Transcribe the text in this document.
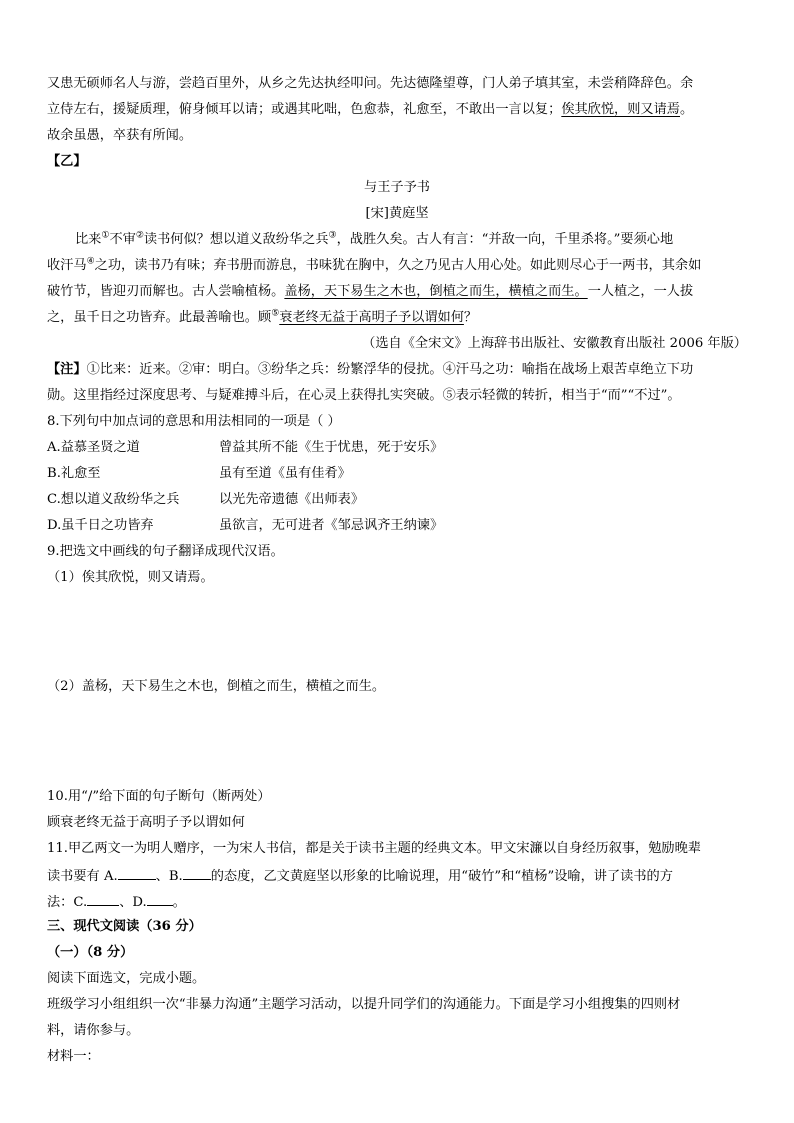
又患无硕师名人与游，尝趋百里外，从乡之先达执经叩问。先达德隆望尊，门人弟子填其室，未尝稍降辞色。余
立侍左右，援疑质理，俯身倾耳以请；或遇其叱咄，色愈恭，礼愈至，不敢出一言以复；俟其欣悦，则又请焉。
故余虽愚，卒获有所闻。
【乙】
与王子予书
[宋]黄庭坚
比来①不审②读书何似？想以道义敌纷华之兵③，战胜久矣。古人有言：“并敌一向，千里杀将。”要须心地
收汗马④之功，读书乃有味；弃书册而游息，书味犹在胸中，久之乃见古人用心处。如此则尽心于一两书，其余如
破竹节，皆迎刃而解也。古人尝喻植杨。盖杨，天下易生之木也，倒植之而生，横植之而生。一人植之，一人拔
之，虽千日之功皆弃。此最善喻也。顾⑤衰老终无益于高明子予以谓如何？
（选自《全宋文》上海辞书出版社、安徽教育出版社 2006 年版）
【注】①比来：近来。②审：明白。③纷华之兵：纷繁浮华的侵扰。④汗马之功：喻指在战场上艰苦卓绝立下功
勋。这里指经过深度思考、与疑难搏斗后，在心灵上获得扎实突破。⑤表示轻微的转折，相当于“而”“不过”。
8.下列句中加点词的意思和用法相同的一项是（ ）
A.益慕圣贤之道	曾益其所不能《生于忧患，死于安乐》
B.礼愈至	虽有至道《虽有佳肴》
C.想以道义敌纷华之兵	以光先帝遗德《出师表》
D.虽千日之功皆弃	虽欲言，无可进者《邹忌讽齐王纳谏》
9.把选文中画线的句子翻译成现代汉语。
（1）俟其欣悦，则又请焉。
（2）盖杨，天下易生之木也，倒植之而生，横植之而生。
10.用“/”给下面的句子断句（断两处）
顾衰老终无益于高明子予以谓如何
11.甲乙两文一为明人赠序，一为宋人书信，都是关于读书主题的经典文本。甲文宋濂以自身经历叙事，勉励晚辈
读书要有 A.	、B. 的态度，乙文黄庭坚以形象的比喻说理，用“破竹”和“植杨”设喻，讲了读书的方
法：C. 、D. 。
三、现代文阅读（36 分）
（一）（8 分）
阅读下面选文，完成小题。
班级学习小组组织一次“非暴力沟通”主题学习活动，以提升同学们的沟通能力。下面是学习小组搜集的四则材
料，请你参与。
材料一：
